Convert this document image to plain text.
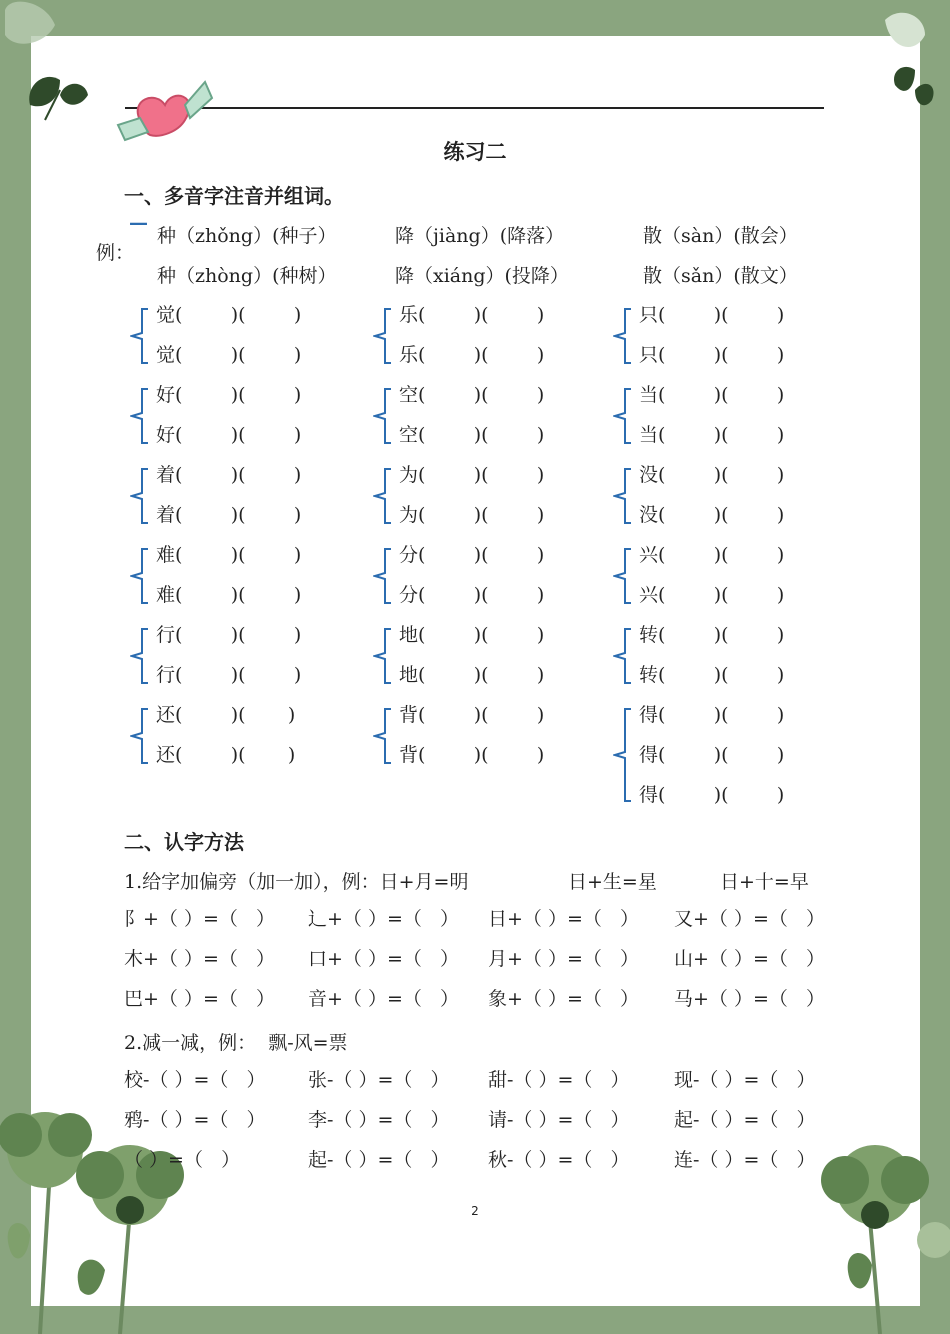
练习二
一、多音字注音并组词。
例：
—
种（zhǒng）(种子）
种（zhòng）(种树）
降（jiàng）(降落）
降（xiáng）(投降）
散（sàn）(散会）
散（sǎn）(散文）
觉(        )(        )
觉(        )(        )
好(        )(        )
好(        )(        )
着(        )(        )
着(        )(        )
难(        )(        )
难(        )(        )
行(        )(        )
行(        )(        )
还(        )(       )
还(        )(       )
乐(        )(        )
乐(        )(        )
空(        )(        )
空(        )(        )
为(        )(        )
为(        )(        )
分(        )(        )
分(        )(        )
地(        )(        )
地(        )(        )
背(        )(        )
背(        )(        )
只(        )(        )
只(        )(        )
当(        )(        )
当(        )(        )
没(        )(        )
没(        )(        )
兴(        )(        )
兴(        )(        )
转(        )(        )
转(        )(        )
得(        )(        )
得(        )(        )
得(        )(        )
二、认字方法
1.给字加偏旁（加一加），例：日+月=明	日+生=星	日+十=早
阝+（ ）=（   ） 辶+（ ）=（   ） 日+（ ）=（   ） 又+（ ）=（   ）
木+（ ）=（   ） 口+（ ）=（   ） 月+（ ）=（   ） 山+（ ）=（   ）
巴+（ ）=（   ） 音+（ ）=（   ） 象+（ ）=（   ） 马+（ ）=（   ）
2.减一减，例：  飘-风=票
校-（ ）=（   ） 张-（ ）=（   ） 甜-（ ）=（   ） 现-（ ）=（   ）
鸦-（ ）=（   ） 李-（ ）=（   ） 请-（ ）=（   ） 起-（ ）=（   ）
（ ）=（   ）	起-（ ）=（   ） 秋-（ ）=（   ） 连-（ ）=（   ）
2
